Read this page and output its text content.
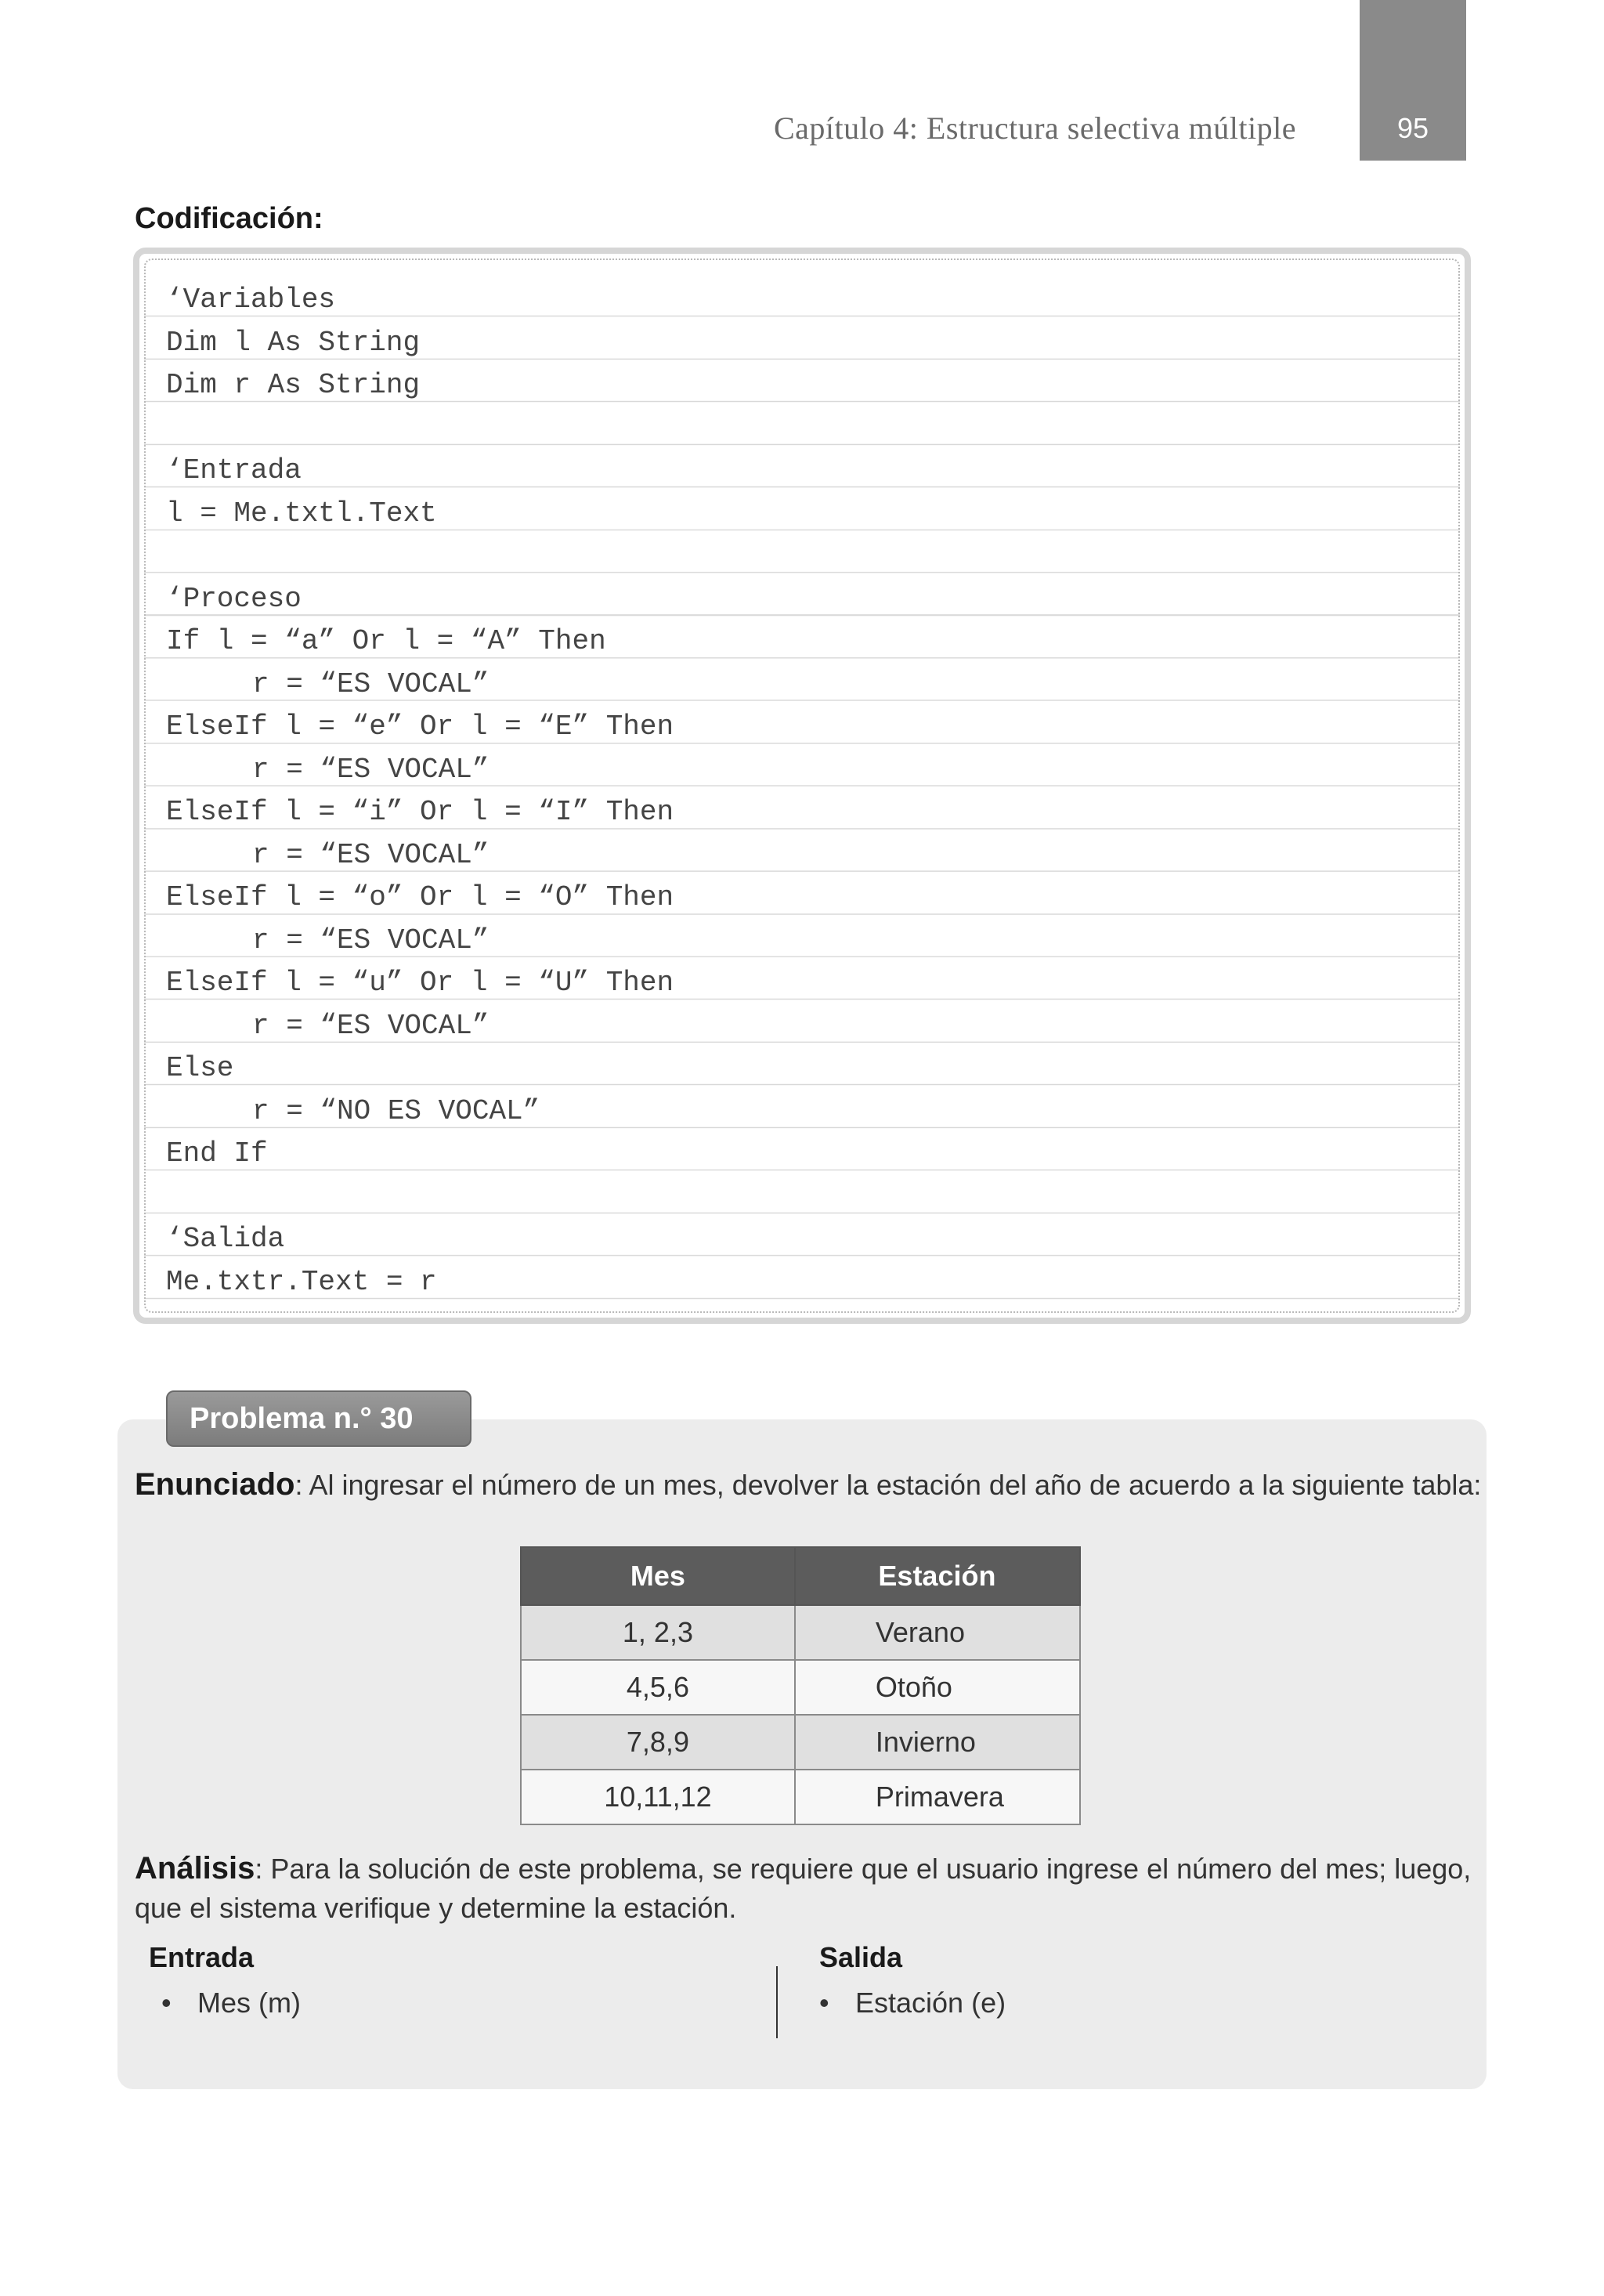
Capítulo 4: Estructura selectiva múltiple	95
Codificación:
‘Variables
Dim l As String
Dim r As String
‘Entrada
l = Me.txtl.Text
‘Proceso
If l = “a” Or l = “A” Then
r = “ES VOCAL”
ElseIf l = “e” Or l = “E” Then
r = “ES VOCAL”
ElseIf l = “i” Or l = “I” Then
r = “ES VOCAL”
ElseIf l = “o” Or l = “O” Then
r = “ES VOCAL”
ElseIf l = “u” Or l = “U” Then
r = “ES VOCAL”
Else
r = “NO ES VOCAL”
End If
‘Salida
Me.txtr.Text = r
Problema n.° 30
Enunciado: Al ingresar el número de un mes, devolver la estación del año de acuerdo a la siguiente tabla:
Mes	Estación
1, 2,3	Verano
4,5,6	Otoño
7,8,9	Invierno
10,11,12	Primavera
Análisis: Para la solución de este problema, se requiere que el usuario ingrese el número del mes; luego, que el sistema verifique y determine la estación.
Entrada
• Mes (m)
Salida
• Estación (e)
